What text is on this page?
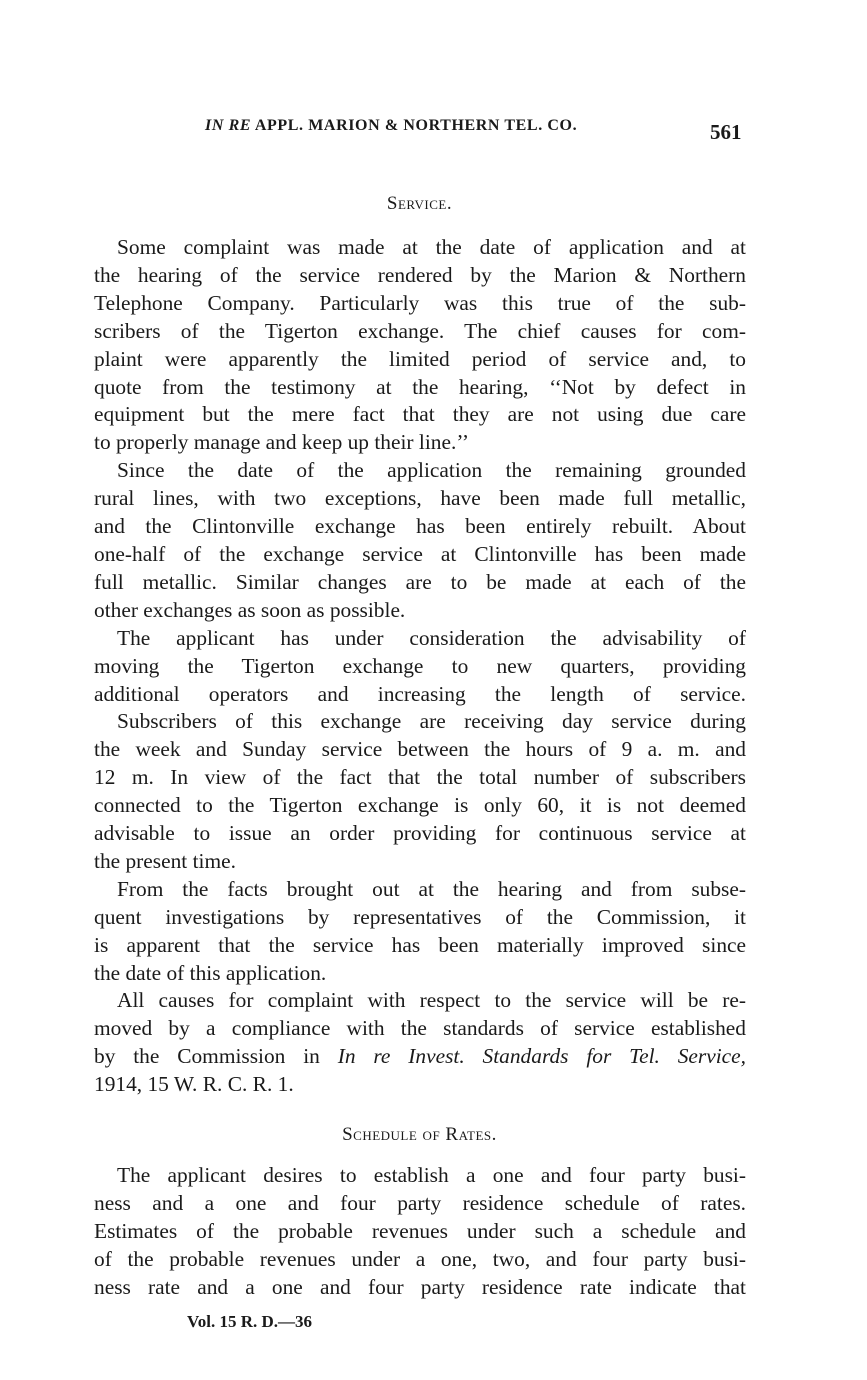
IN RE APPL. MARION & NORTHERN TEL. CO.	561
Service.
Some complaint was made at the date of application and at
the hearing of the service rendered by the Marion & Northern
Telephone Company. Particularly was this true of the sub-
scribers of the Tigerton exchange. The chief causes for com-
plaint were apparently the limited period of service and, to
quote from the testimony at the hearing, ‘‘Not by defect in
equipment but the mere fact that they are not using due care
to properly manage and keep up their line.’’
Since the date of the application the remaining grounded
rural lines, with two exceptions, have been made full metallic,
and the Clintonville exchange has been entirely rebuilt. About
one-half of the exchange service at Clintonville has been made
full metallic. Similar changes are to be made at each of the
other exchanges as soon as possible.
The applicant has under consideration the advisability of
moving the Tigerton exchange to new quarters, providing
additional operators and increasing the length of service.
Subscribers of this exchange are receiving day service during
the week and Sunday service between the hours of 9 a. m. and
12 m. In view of the fact that the total number of subscribers
connected to the Tigerton exchange is only 60, it is not deemed
advisable to issue an order providing for continuous service at
the present time.
From the facts brought out at the hearing and from subse-
quent investigations by representatives of the Commission, it
is apparent that the service has been materially improved since
the date of this application.
All causes for complaint with respect to the service will be re-
moved by a compliance with the standards of service established
by the Commission in In re Invest. Standards for Tel. Service,
1914, 15 W. R. C. R. 1.
Schedule of Rates.
The applicant desires to establish a one and four party busi-
ness and a one and four party residence schedule of rates.
Estimates of the probable revenues under such a schedule and
of the probable revenues under a one, two, and four party busi-
ness rate and a one and four party residence rate indicate that
Vol. 15 R. D.—36
